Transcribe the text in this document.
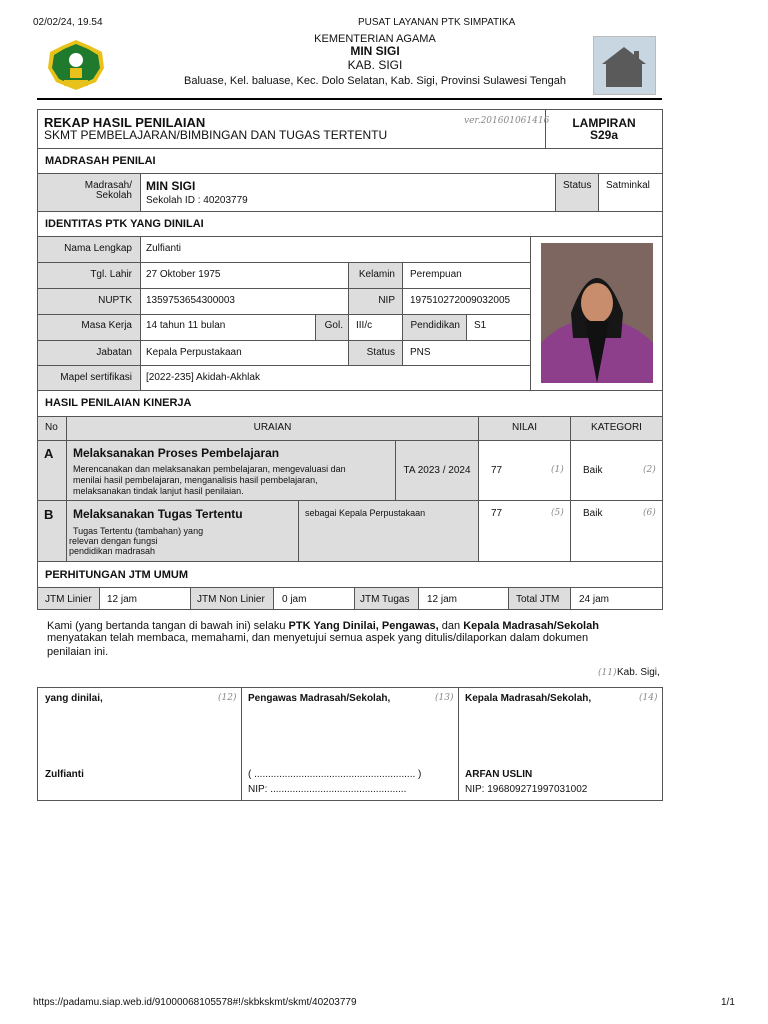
02/02/24, 19.54	PUSAT LAYANAN PTK SIMPATIKA
KEMENTERIAN AGAMA
MIN SIGI
KAB. SIGI
Baluase, Kel. baluase, Kec. Dolo Selatan, Kab. Sigi, Provinsi Sulawesi Tengah
REKAP HASIL PENILAIAN
SKMT PEMBELAJARAN/BIMBINGAN DAN TUGAS TERTENTU
ver.201601061416	LAMPIRAN
S29a
MADRASAH PENILAI
Madrasah/
Sekolah
MIN SIGI
Sekolah ID : 40203779
Status Satminkal
IDENTITAS PTK YANG DINILAI
Nama Lengkap Zulfianti
Tgl. Lahir 27 Oktober 1975	Kelamin Perempuan
NUPTK 1359753654300003	NIP 197510272009032005
Masa Kerja 14 tahun 11 bulan	Gol. III/c	Pendidikan S1
Jabatan Kepala Perpustakaan	Status PNS
Mapel sertifikasi [2022-235] Akidah-Akhlak
HASIL PENILAIAN KINERJA
No	URAIAN	NILAI	KATEGORI
A Melaksanakan Proses Pembelajaran
Merencanakan dan melaksanakan pembelajaran, mengevaluasi dan
menilai hasil pembelajaran, menganalisis hasil pembelajaran,
melaksanakan tindak lanjut hasil penilaian.
TA 2023 / 2024	77	(1) Baik	(2)
B Melaksanakan Tugas Tertentu
Tugas Tertentu (tambahan) yang
relevan dengan fungsi
pendidikan madrasah
sebagai Kepala Perpustakaan	77	(5) Baik	(6)
PERHITUNGAN JTM UMUM
JTM Linier 12 jam	JTM Non Linier 0 jam	JTM Tugas 12 jam	Total JTM 24 jam
Kami (yang bertanda tangan di bawah ini) selaku PTK Yang Dinilai, Pengawas, dan Kepala Madrasah/Sekolah
menyatakan telah membaca, memahami, dan menyetujui semua aspek yang ditulis/dilaporkan dalam dokumen
penilaian ini.
(11) Kab. Sigi,
yang dinilai,	(12)
Zulfianti
Pengawas Madrasah/Sekolah,	(13)
( .......................................................... )
NIP: .................................................
Kepala Madrasah/Sekolah,	(14)
ARFAN USLIN
NIP: 196809271997031002
https://padamu.siap.web.id/91000068105578#!/skbkskmt/skmt/40203779	1/1
